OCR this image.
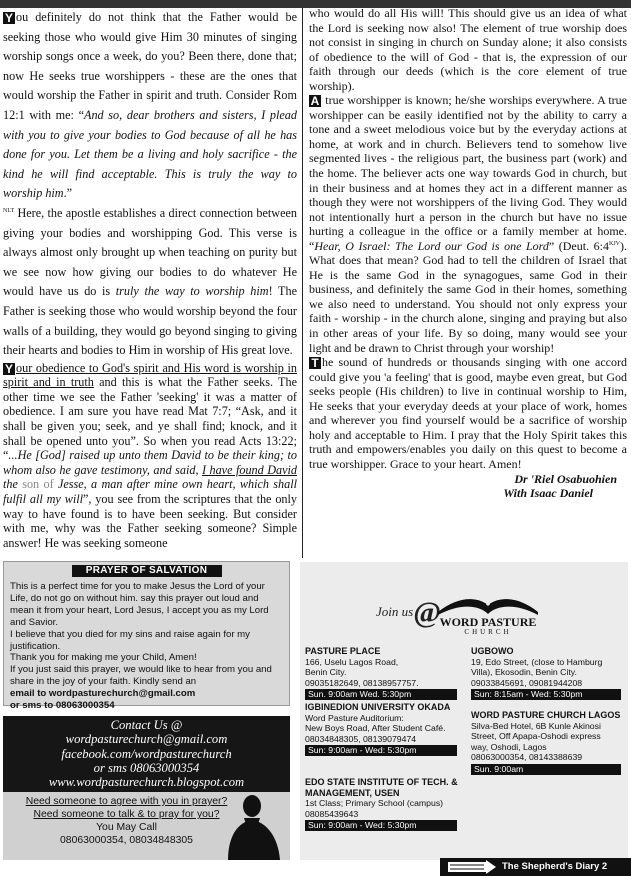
Y ou definitely do not think that the Father would be seeking those who would give Him 30 minutes of singing worship songs once a week, do you? Been there, done that; now He seeks true worshippers - these are the ones that would worship the Father in spirit and truth. Consider Rom 12:1 with me: “And so, dear brothers and sisters, I plead with you to give your bodies to God because of all he has done for you. Let them be a living and holy sacrifice - the kind he will find acceptable. This is truly the way to worship him.”
$^{NLT}$ Here, the apostle establishes a direct connection between giving your bodies and worshipping God. This verse is always almost only brought up when teaching on purity but we see now how giving our bodies to do whatever He would have us do is truly the way to worship him! The Father is seeking those who would worship beyond the four walls of a building, they would go beyond singing to giving their hearts and bodies to Him in worship of His great love.

Y our obedience to God's spirit and His word is worship in spirit and in truth and this is what the Father seeks. The other time we see the Father 'seeking' it was a matter of obedience. I am sure you have read Mat 7:7; “Ask, and it shall be given you; seek, and ye shall find; knock, and it shall be opened unto you”. So when you read Acts 13:22; “...He [God] raised up unto them David to be their king; to whom also he gave testimony, and said, I have found David the son of Jesse, a man after mine own heart, which shall fulfil all my will”, you see from the scriptures that the only way to have found is to have been seeking. But consider with me, why was the Father seeking someone? Simple answer! He was seeking someone

who would do all His will! This should give us an idea of what the Lord is seeking now also! The element of true worship does not consist in singing in church on Sunday alone; it also consists of obedience to the will of God - that is, the expression of our faith through our deeds (which is the core element of true worship).

A true worshipper is known; he/she worships everywhere. A true worshipper can be easily identified not by the ability to carry a tone and a sweet melodious voice but by the everyday actions at home, at work and in church. Believers tend to somehow live segmented lives - the religious part, the business part (work) and the home. The believer acts one way towards God in church, but in their business and at homes they act in a different manner as though they were not worshippers of the living God. They would not intentionally hurt a person in the church but have no issue hurting a colleague in the office or a family member at home. “Hear, O Israel: The Lord our God is one Lord” (Deut. $6:4^{KJV}$). What does that mean? God had to tell the children of Israel that He is the same God in the synagogues, same God in their business, and definitely the same God in their homes, something we also need to understand. You should not only express your faith - worship - in the church alone, singing and praying but also in other areas of your life. By so doing, many would see your light and be drawn to Christ through your worship!

T he sound of hundreds or thousands singing with one accord could give you 'a feeling' that is good, maybe even great, but God seeks people (His children) to live in continual worship to Him, He seeks that your everyday deeds at your place of work, homes and wherever you find yourself would be a sacrifice of worship holy and acceptable to Him. I pray that the Holy Spirit takes this truth and empowers/enables you daily on this quest to become a true worshipper. Grace to your heart. Amen!

Dr 'Riel Osabuohien

With Isaac Daniel

PRAYER OF SALVATION

This is a perfect time for you to make Jesus the Lord of your Life, do not go on without him. say this prayer out loud and mean it from your heart, Lord Jesus, I accept you as my Lord and Savior.

I believe that you died for my sins and raise again for my justification.

Thank you for making me your Child, Amen!

If you just said this prayer, we would like to hear from you and share in the joy of your faith. Kindly send an

email to wordpasturechurch@gmail.com

or sms to 08063000354

Contact Us @
wordpasturechurch@gmail.com
facebook.com/wordpasturechurch
or sms 08063000354
www.wordpasturechurch.blogspot.com
Need someone to agree with you in prayer?
Need someone to talk & to pray for you?
You May Call
08063000354, 08034848305
Join us@
WORD PASTURE
CHURCH
PASTURE PLACE
166, Uselu Lagos Road,
Benin City.
09035182649, 08138957757.
Sun. 9:00am Wed. 5:30pm
UGBOWO
19, Edo Street, (close to Hamburg
Villa), Ekosodin, Benin City.
09033845691, 09081944208
Sun: 8:15am - Wed: 5:30pm
IGBINEDION UNIVERSITY OKADA
Word Pasture Auditorium:
New Boys Road, After Student Café.
08034848305, 08139079474
Sun: 9:00am - Wed: 5:30pm
WORD PASTURE CHURCH LAGOS
Silva-Bed Hotel, 6B Kunle Akinosi
Street, Off Apapa-Oshodi express
way, Oshodi, Lagos
08063000354, 08143388639
Sun. 9:00am
EDO STATE INSTITUTE OF TECH. & MANAGEMENT, USEN
1st Class; Primary School (campus)
08085439643
Sun: 9:00am - Wed: 5:30pm
The Shepherd's Diary 2
